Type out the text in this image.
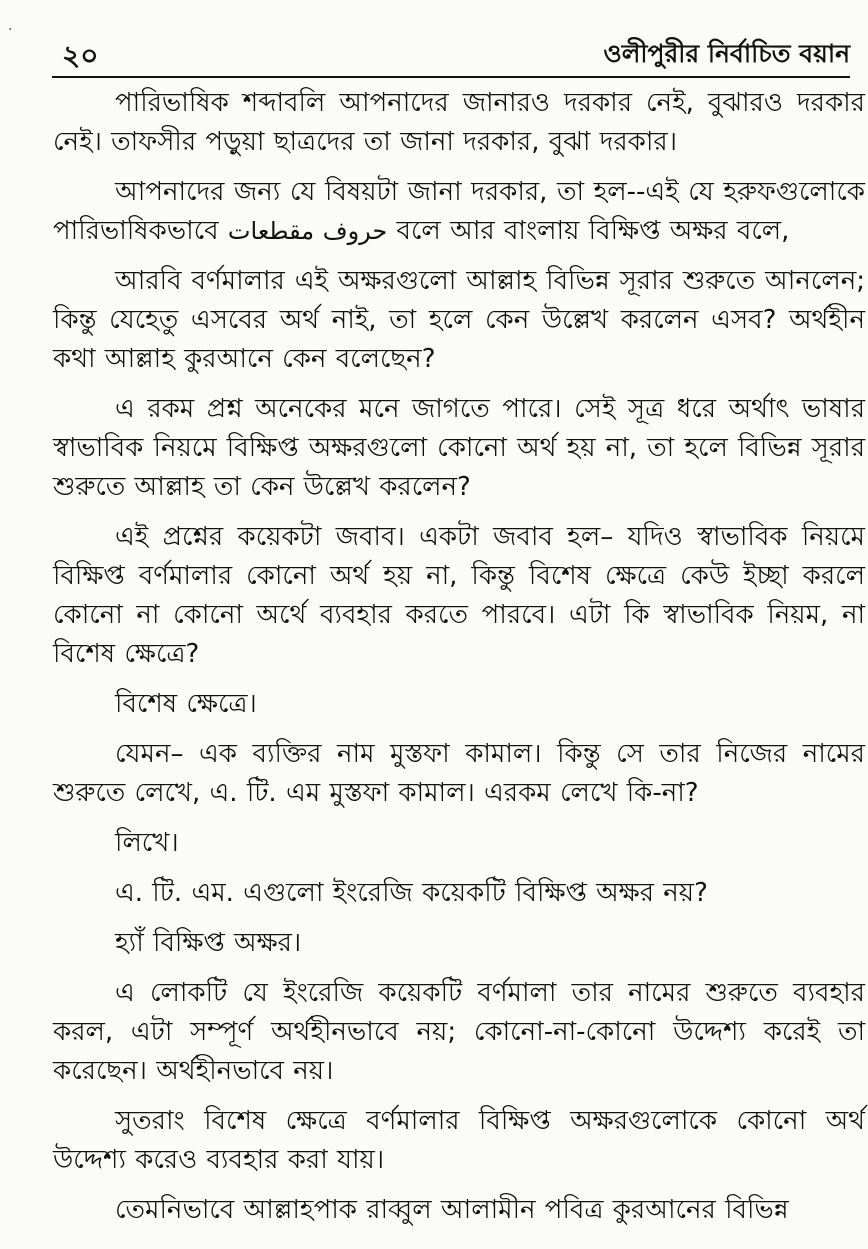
·
২০	ওলীপুরীর নির্বাচিত বয়ান

পারিভাষিক শব্দাবলি আপনাদের জানারও দরকার নেই, বুঝারও দরকার নেই। তাফসীর পড়ুয়া ছাত্রদের তা জানা দরকার, বুঝা দরকার।

আপনাদের জন্য যে বিষয়টা জানা দরকার, তা হল--এই যে হরুফগুলোকে পারিভাষিকভাবে حروف مقطعات বলে আর বাংলায় বিক্ষিপ্ত অক্ষর বলে,

আরবি বর্ণমালার এই অক্ষরগুলো আল্লাহ বিভিন্ন সূরার শুরুতে আনলেন; কিন্তু যেহেতু এসবের অর্থ নাই, তা হলে কেন উল্লেখ করলেন এসব? অর্থহীন কথা আল্লাহ কুরআনে কেন বলেছেন?

এ রকম প্রশ্ন অনেকের মনে জাগতে পারে। সেই সূত্র ধরে অর্থাৎ ভাষার স্বাভাবিক নিয়মে বিক্ষিপ্ত অক্ষরগুলো কোনো অর্থ হয় না, তা হলে বিভিন্ন সূরার শুরুতে আল্লাহ তা কেন উল্লেখ করলেন?

এই প্রশ্নের কয়েকটা জবাব। একটা জবাব হল– যদিও স্বাভাবিক নিয়মে বিক্ষিপ্ত বর্ণমালার কোনো অর্থ হয় না, কিন্তু বিশেষ ক্ষেত্রে কেউ ইচ্ছা করলে কোনো না কোনো অর্থে ব্যবহার করতে পারবে। এটা কি স্বাভাবিক নিয়ম, না বিশেষ ক্ষেত্রে?

বিশেষ ক্ষেত্রে।

যেমন– এক ব্যক্তির নাম মুস্তফা কামাল। কিন্তু সে তার নিজের নামের শুরুতে লেখে, এ. টি. এম মুস্তফা কামাল। এরকম লেখে কি-না?

লিখে।

এ. টি. এম. এগুলো ইংরেজি কয়েকটি বিক্ষিপ্ত অক্ষর নয়?

হ্যাঁ বিক্ষিপ্ত অক্ষর।

এ লোকটি যে ইংরেজি কয়েকটি বর্ণমালা তার নামের শুরুতে ব্যবহার করল, এটা সম্পূর্ণ অর্থহীনভাবে নয়; কোনো-না-কোনো উদ্দেশ্য করেই তা করেছেন। অর্থহীনভাবে নয়।

সুতরাং বিশেষ ক্ষেত্রে বর্ণমালার বিক্ষিপ্ত অক্ষরগুলোকে কোনো অর্থ উদ্দেশ্য করেও ব্যবহার করা যায়।

তেমনিভাবে আল্লাহপাক রাব্বুল আলামীন পবিত্র কুরআনের বিভিন্ন
